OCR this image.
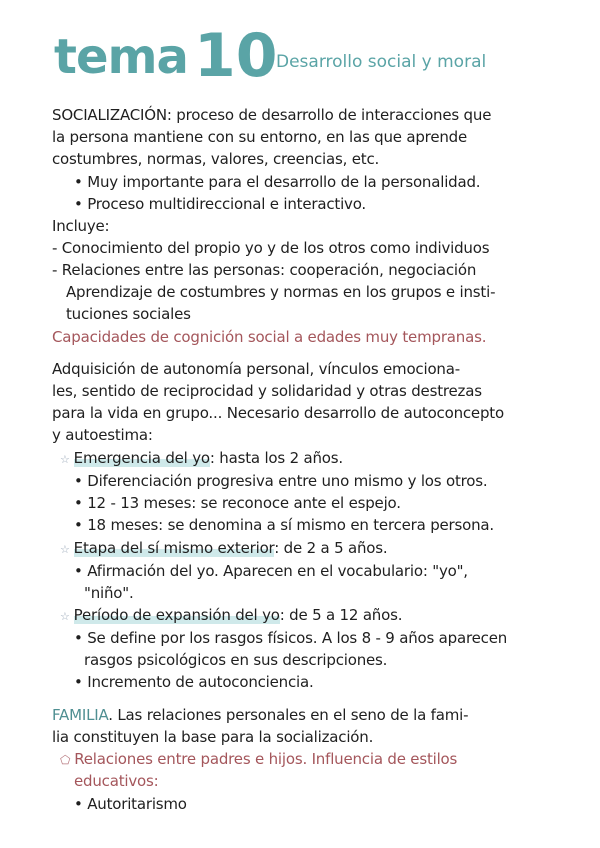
tema 10
Desarrollo social y moral
SOCIALIZACIÓN: proceso de desarrollo de interacciones que
la persona mantiene con su entorno, en las que aprende
costumbres, normas, valores, creencias, etc.
• Muy importante para el desarrollo de la personalidad.
• Proceso multidireccional e interactivo.
Incluye:
- Conocimiento del propio yo y de los otros como individuos
- Relaciones entre las personas: cooperación, negociación
Aprendizaje de costumbres y normas en los grupos e insti-
tuciones sociales
Capacidades de cognición social a edades muy tempranas.
Adquisición de autonomía personal, vínculos emociona-
les, sentido de reciprocidad y solidaridad y otras destrezas
para la vida en grupo... Necesario desarrollo de autoconcepto
y autoestima:
☆ Emergencia del yo: hasta los 2 años.
• Diferenciación progresiva entre uno mismo y los otros.
• 12 - 13 meses: se reconoce ante el espejo.
• 18 meses: se denomina a sí mismo en tercera persona.
☆ Etapa del sí mismo exterior: de 2 a 5 años.
• Afirmación del yo. Aparecen en el vocabulario: "yo",
"niño".
☆ Período de expansión del yo: de 5 a 12 años.
• Se define por los rasgos físicos. A los 8 - 9 años aparecen
rasgos psicológicos en sus descripciones.
• Incremento de autoconciencia.
FAMILIA. Las relaciones personales en el seno de la fami-
lia constituyen la base para la socialización.
⬠ Relaciones entre padres e hijos. Influencia de estilos
educativos:
• Autoritarismo
